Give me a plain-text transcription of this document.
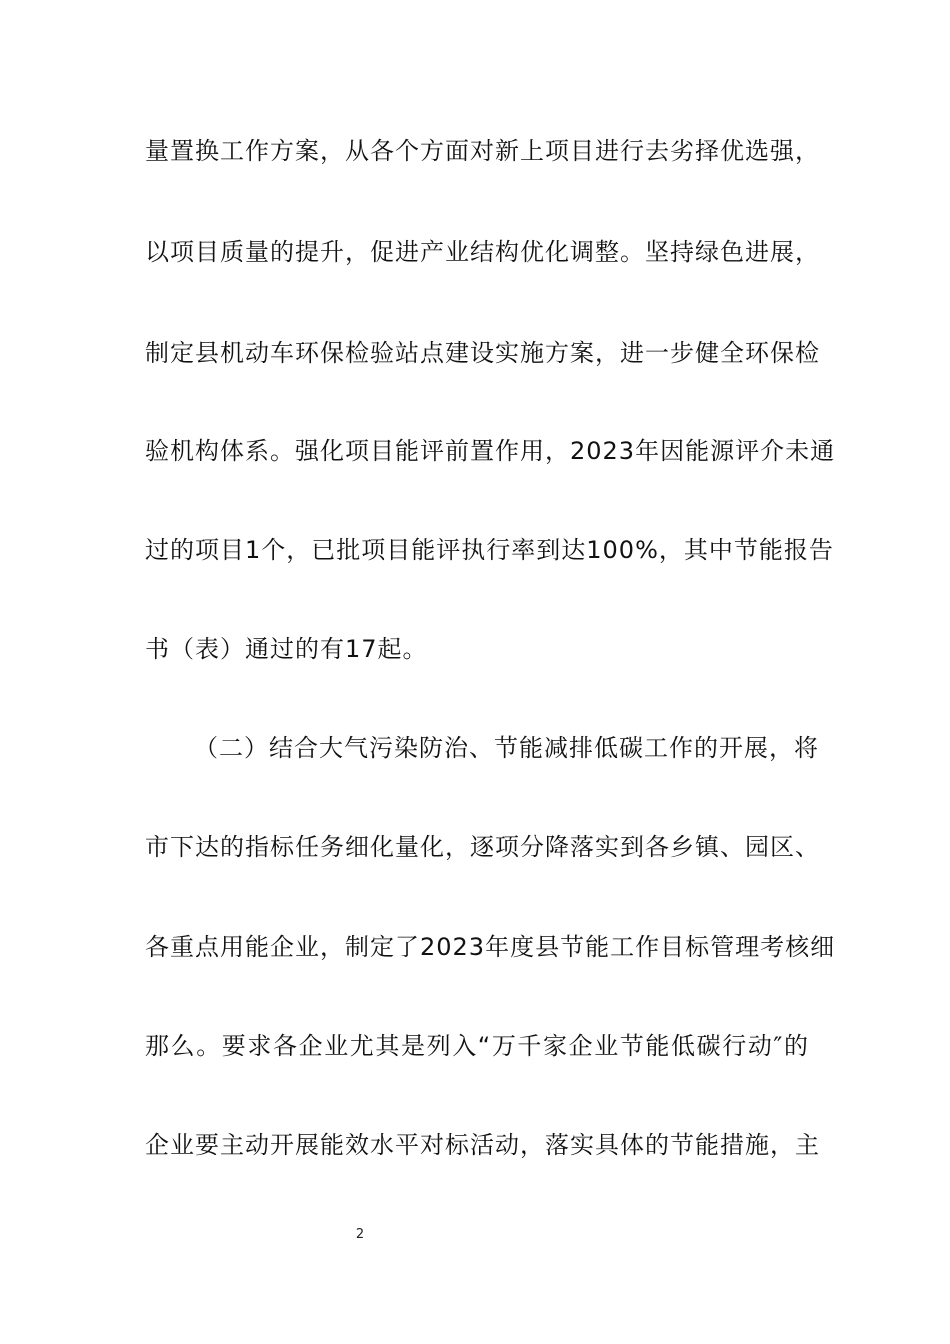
量置换工作方案，从各个方面对新上项目进行去劣择优选强，
以项目质量的提升，促进产业结构优化调整。坚持绿色进展，
制定县机动车环保检验站点建设实施方案，进一步健全环保检
验机构体系。强化项目能评前置作用，2023年因能源评介未通
过的项目1个，已批项目能评执行率到达100%，其中节能报告
书（表）通过的有17起。
（二）结合大气污染防治、节能减排低碳工作的开展，将
市下达的指标任务细化量化，逐项分降落实到各乡镇、园区、
各重点用能企业，制定了2023年度县节能工作目标管理考核细
那么。要求各企业尤其是列入“万千家企业节能低碳行动″的
企业要主动开展能效水平对标活动，落实具体的节能措施，主
2
